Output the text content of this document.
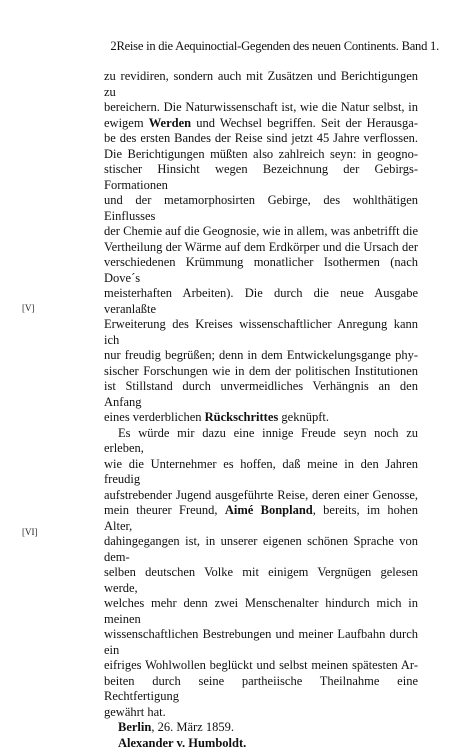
2Reise in die Aequinoctial-Gegenden des neuen Continents. Band 1.
[V]
[VI]
zu revidiren, sondern auch mit Zusätzen und Berichtigungen zu
bereichern. Die Naturwissenschaft ist, wie die Natur selbst, in
ewigem Werden und Wechsel begriffen. Seit der Herausga-
be des ersten Bandes der Reise sind jetzt 45 Jahre verflossen.
Die Berichtigungen müßten also zahlreich seyn: in geogno-
stischer Hinsicht wegen Bezeichnung der Gebirgs-Formationen
und der metamorphosirten Gebirge, des wohlthätigen Einflusses
der Chemie auf die Geognosie, wie in allem, was anbetrifft die
Vertheilung der Wärme auf dem Erdkörper und die Ursach der
verschiedenen Krümmung monatlicher Isothermen (nach Dove´s
meisterhaften Arbeiten). Die durch die neue Ausgabe veranlaßte
Erweiterung des Kreises wissenschaftlicher Anregung kann ich
nur freudig begrüßen; denn in dem Entwickelungsgange phy-
sischer Forschungen wie in dem der politischen Institutionen
ist Stillstand durch unvermeidliches Verhängnis an den Anfang
eines verderblichen Rückschrittes geknüpft.
Es würde mir dazu eine innige Freude seyn noch zu erleben,
wie die Unternehmer es hoffen, daß meine in den Jahren freudig
aufstrebender Jugend ausgeführte Reise, deren einer Genosse,
mein theurer Freund, Aimé Bonpland, bereits, im hohen Alter,
dahingegangen ist, in unserer eigenen schönen Sprache von dem-
selben deutschen Volke mit einigem Vergnügen gelesen werde,
welches mehr denn zwei Menschenalter hindurch mich in meinen
wissenschaftlichen Bestrebungen und meiner Laufbahn durch ein
eifriges Wohlwollen beglückt und selbst meinen spätesten Ar-
beiten durch seine partheiische Theilnahme eine Rechtfertigung
gewährt hat.

Berlin, 26. März 1859.

Alexander v. Humboldt.
